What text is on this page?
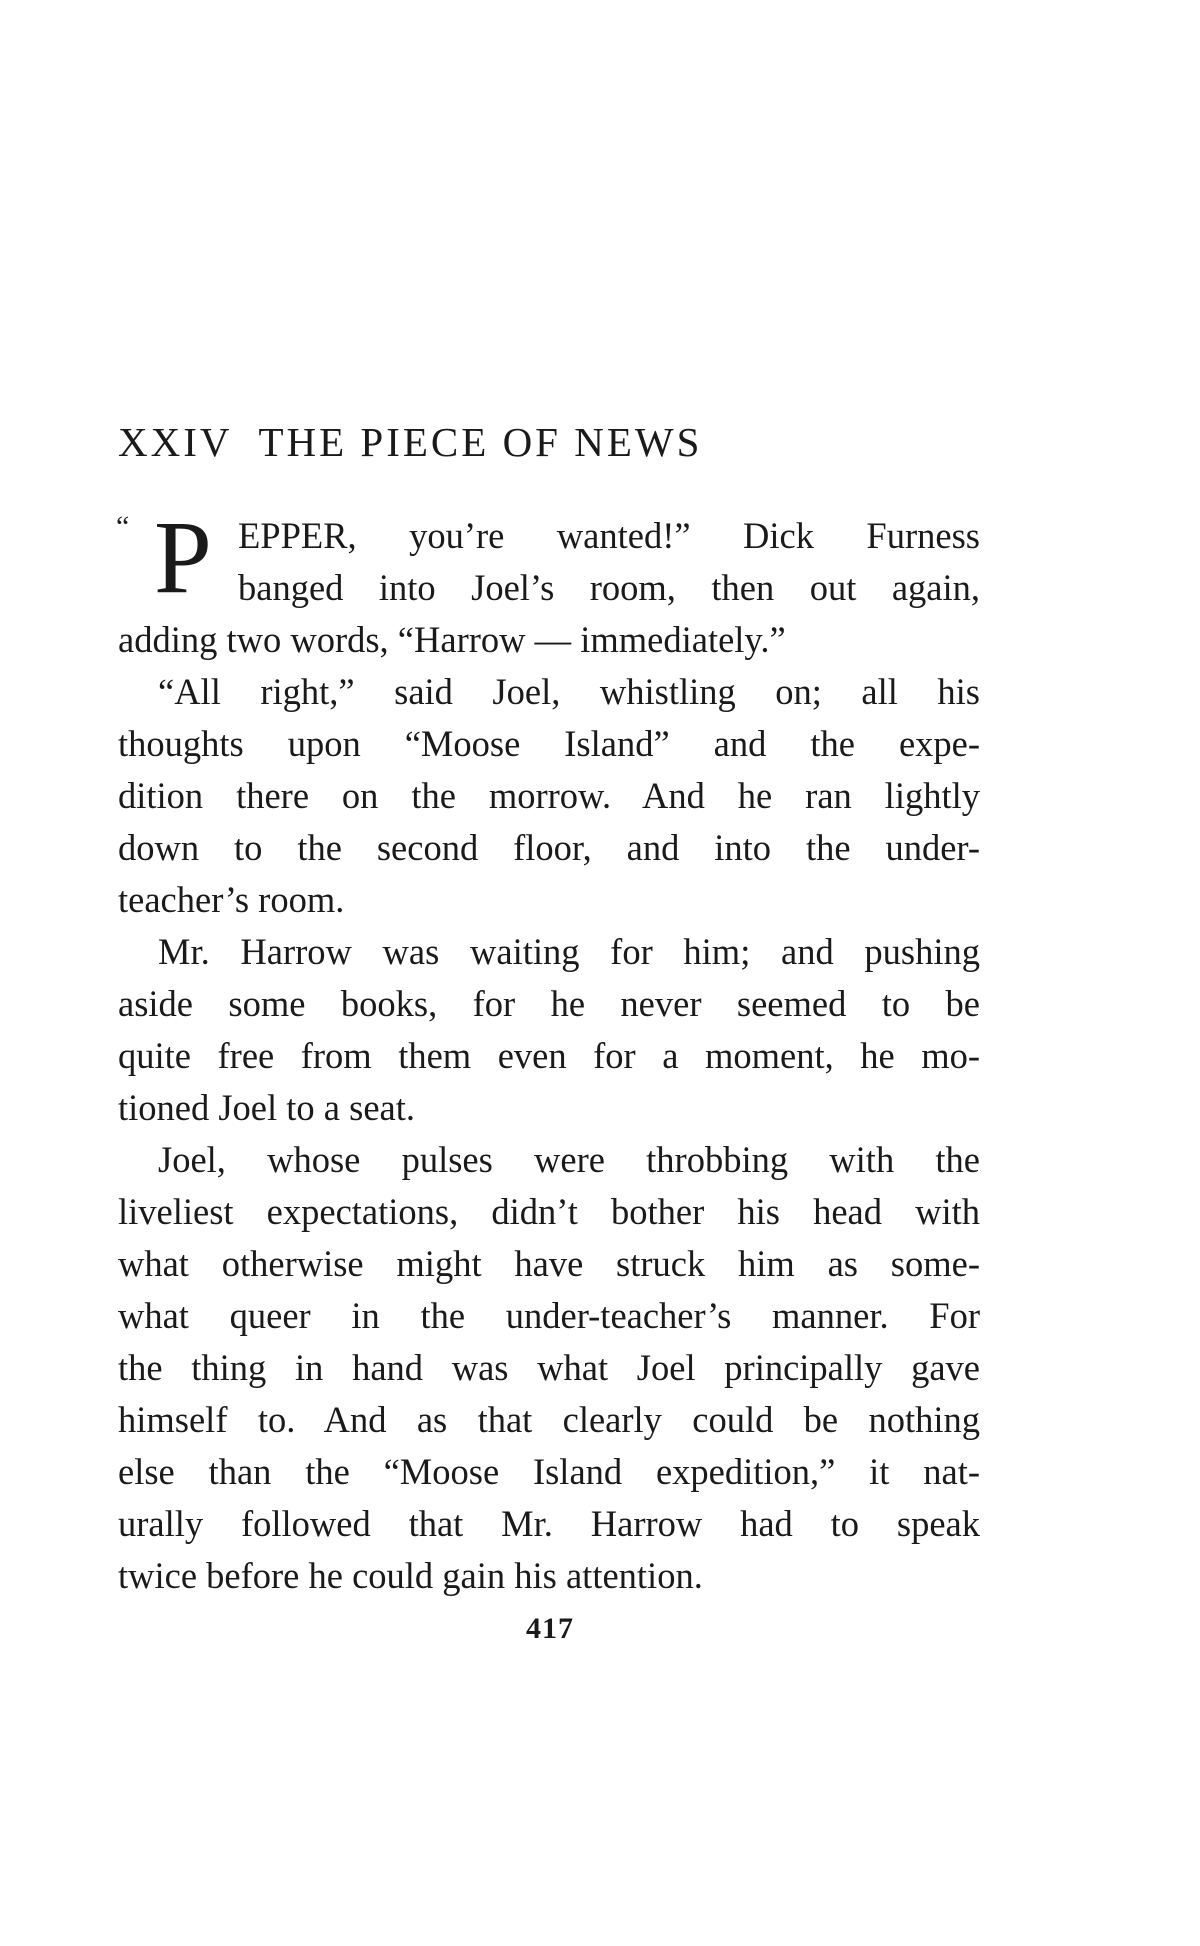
XXIV THE PIECE OF NEWS
“ P EPPER, you’re wanted!” Dick Furness
banged into Joel’s room, then out again,
adding two words, “Harrow — immediately.”
“All right,” said Joel, whistling on; all his
thoughts upon “Moose Island” and the expe-
dition there on the morrow. And he ran lightly
down to the second floor, and into the under-
teacher’s room.
Mr. Harrow was waiting for him; and pushing
aside some books, for he never seemed to be
quite free from them even for a moment, he mo-
tioned Joel to a seat.
Joel, whose pulses were throbbing with the
liveliest expectations, didn’t bother his head with
what otherwise might have struck him as some-
what queer in the under-teacher’s manner. For
the thing in hand was what Joel principally gave
himself to. And as that clearly could be nothing
else than the “Moose Island expedition,” it nat-
urally followed that Mr. Harrow had to speak
twice before he could gain his attention.
417
